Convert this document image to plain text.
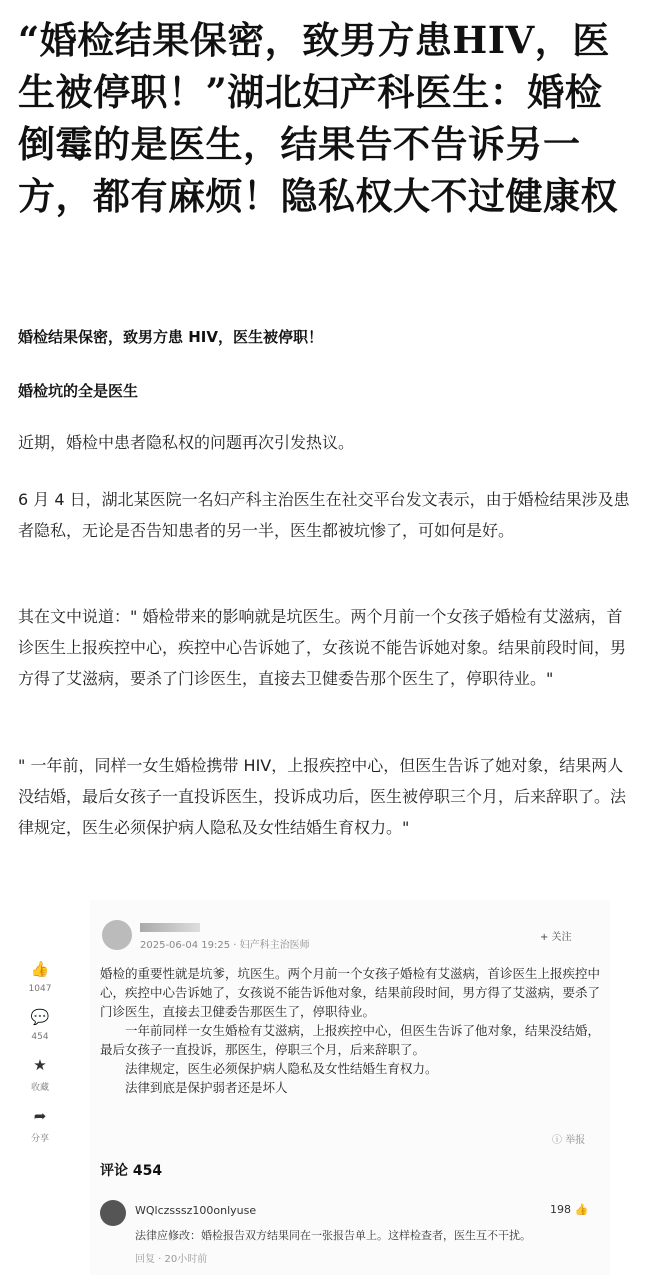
“婚检结果保密，致男方患HIV，医生被停职！”湖北妇产科医生：婚检倒霉的是医生，结果告不告诉另一方，都有麻烦！隐私权大不过健康权
婚检结果保密，致男方患 HIV，医生被停职！
婚检坑的全是医生
近期，婚检中患者隐私权的问题再次引发热议。
6 月 4 日，湖北某医院一名妇产科主治医生在社交平台发文表示，由于婚检结果涉及患者隐私，无论是否告知患者的另一半，医生都被坑惨了，可如何是好。
其在文中说道：" 婚检带来的影响就是坑医生。两个月前一个女孩子婚检有艾滋病，首诊医生上报疾控中心，疾控中心告诉她了，女孩说不能告诉她对象。结果前段时间，男方得了艾滋病，要杀了门诊医生，直接去卫健委告那个医生了，停职待业。"
" 一年前，同样一女生婚检携带 HIV，上报疾控中心，但医生告诉了她对象，结果两人没结婚，最后女孩子一直投诉医生，投诉成功后，医生被停职三个月，后来辞职了。法律规定，医生必须保护病人隐私及女性结婚生育权力。"
2025-06-04 19:25 · 妇产科主治医师
+ 关注
👍
1047
💬
454
★
收藏
➦
分享

婚检的重要性就是坑爹，坑医生。两个月前一个女孩子婚检有艾滋病，首诊医生上报疾控中心，疾控中心告诉她了，女孩说不能告诉他对象，结果前段时间，男方得了艾滋病，要杀了门诊医生，直接去卫健委告那医生了，停职待业。

　　一年前同样一女生婚检有艾滋病，上报疾控中心，但医生告诉了他对象，结果没结婚，最后女孩子一直投诉，那医生，停职三个月，后来辞职了。

　　法律规定，医生必须保护病人隐私及女性结婚生育权力。

　　法律到底是保护弱者还是坏人

ⓘ 举报
评论 454
WQlczsssz100onlyuse	198 👍
法律应修改：婚检报告双方结果同在一张报告单上。这样检查者，医生互不干扰。
回复 · 20小时前
